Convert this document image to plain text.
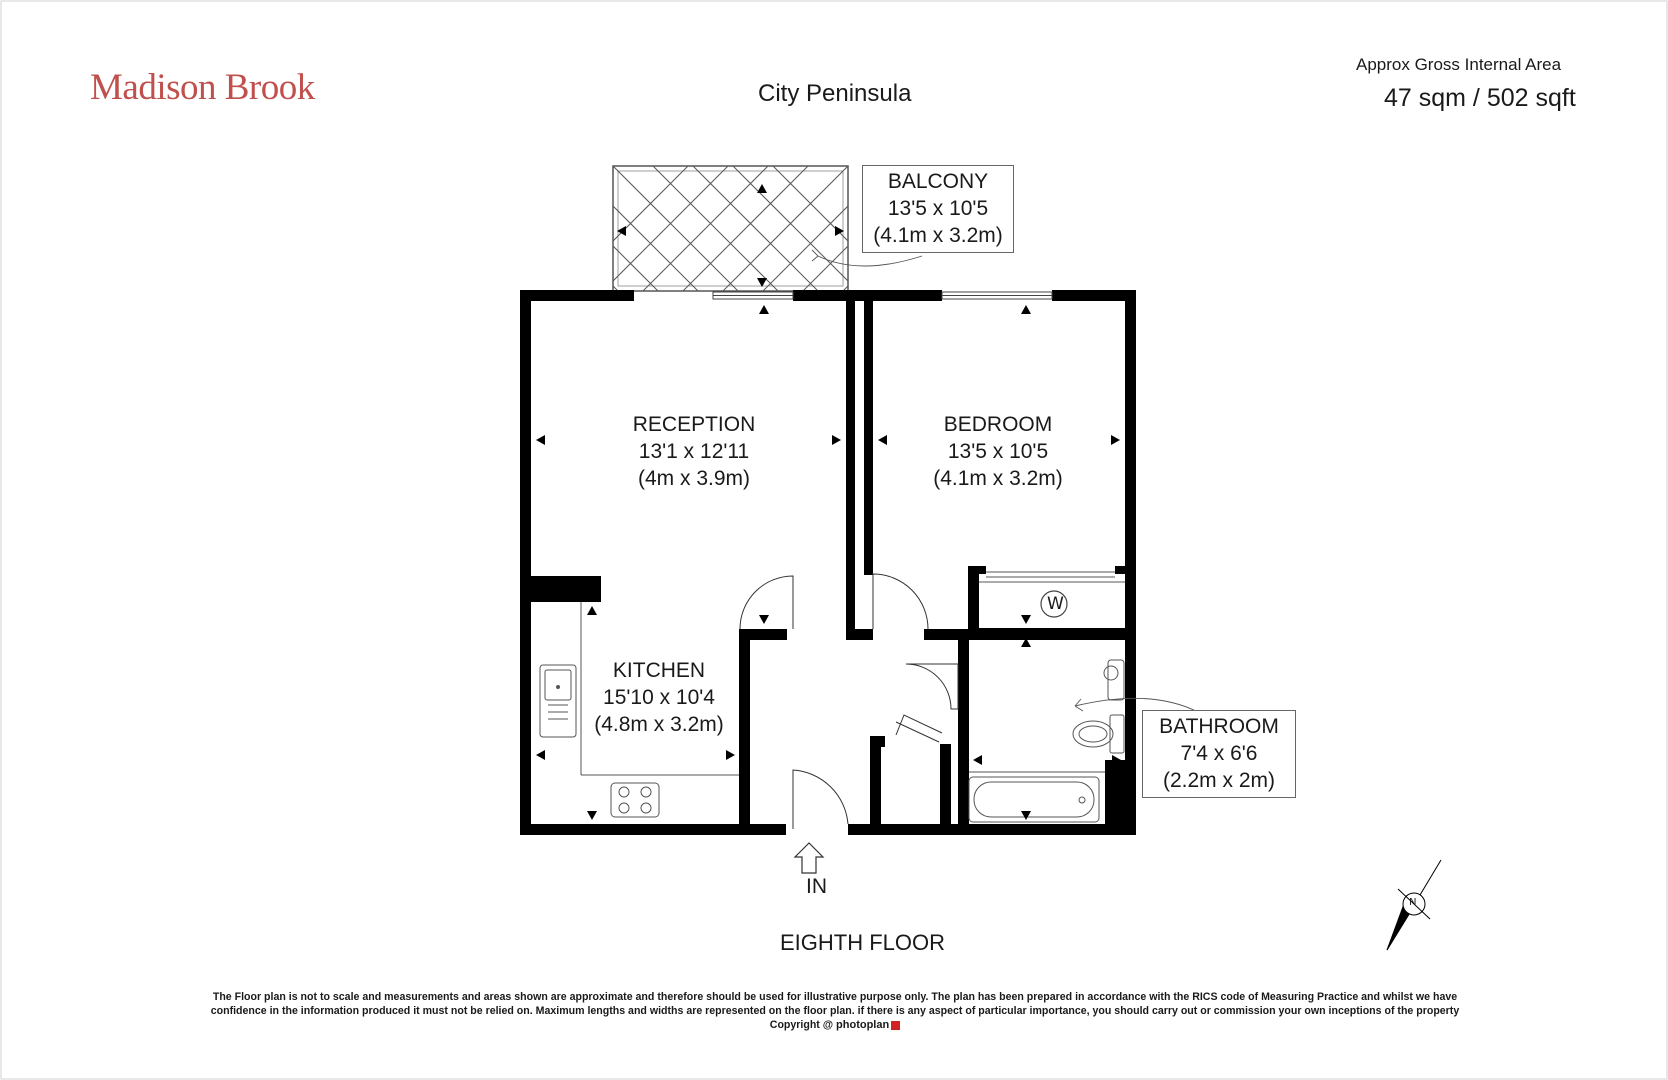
Madison Brook	City Peninsula
Approx Gross Internal Area
47 sqm / 502 sqft
RECEPTION
13'1 x 12'11
(4m x 3.9m)
BEDROOM
13'5 x 10'5
(4.1m x 3.2m)
KITCHEN
15'10 x 10'4
(4.8m x 3.2m)
BALCONY
13'5 x 10'5
(4.1m x 3.2m)
BATHROOM
7'4 x 6'6
(2.2m x 2m)
W
N
IN
EIGHTH FLOOR
The Floor plan is not to scale and measurements and areas shown are approximate and therefore should be used for illustrative purpose only. The plan has been prepared in accordance with the RICS code of Measuring Practice and whilst we have
confidence in the information produced it must not be relied on. Maximum lengths and widths are represented on the floor plan. if there is any aspect of particular importance, you should carry out or commission your own inceptions of the property
Copyright @ photoplan
